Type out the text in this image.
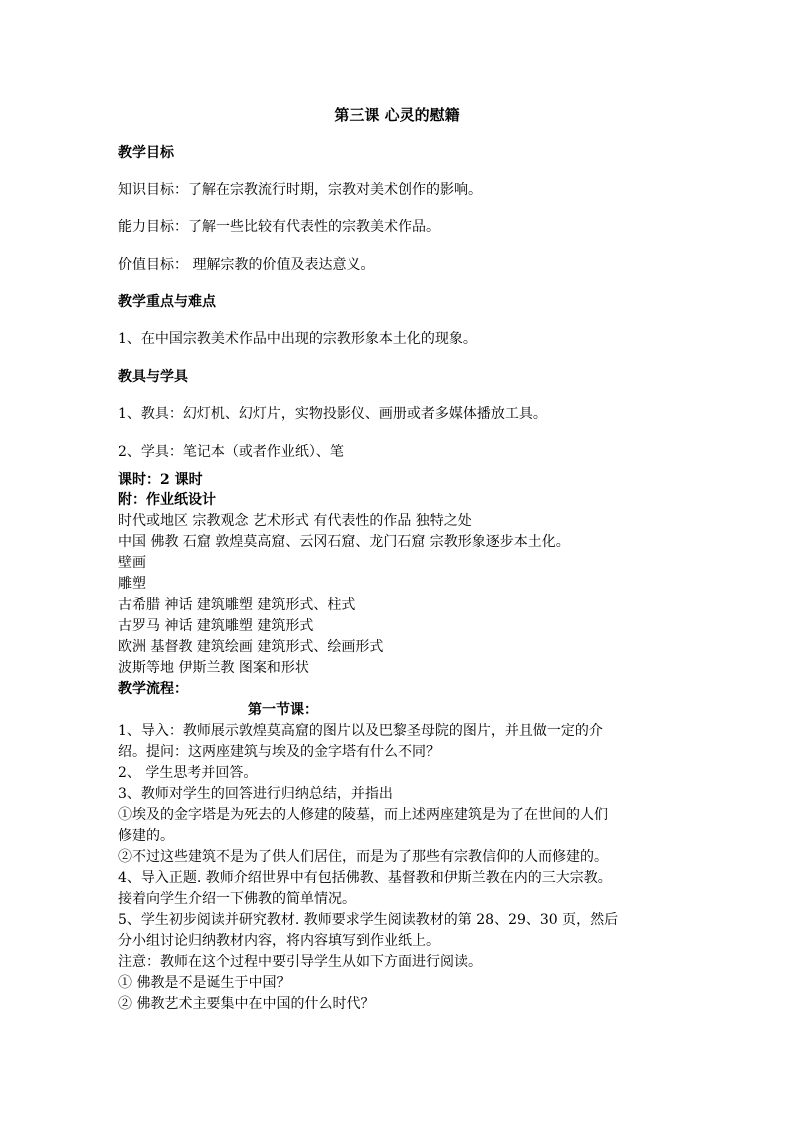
第三课 心灵的慰籍
教学目标
知识目标：了解在宗教流行时期，宗教对美术创作的影响。
能力目标：了解一些比较有代表性的宗教美术作品。
价值目标： 理解宗教的价值及表达意义。
教学重点与难点
1、在中国宗教美术作品中出现的宗教形象本土化的现象。
教具与学具
1、教具：幻灯机、幻灯片，实物投影仪、画册或者多媒体播放工具。
2、学具：笔记本（或者作业纸）、笔
课时：2 课时
附：作业纸设计
时代或地区 宗教观念 艺术形式 有代表性的作品 独特之处
中国 佛教 石窟 敦煌莫高窟、云冈石窟、龙门石窟 宗教形象逐步本土化。
壁画
雕塑
古希腊 神话 建筑雕塑 建筑形式、柱式
古罗马 神话 建筑雕塑 建筑形式
欧洲 基督教 建筑绘画 建筑形式、绘画形式
波斯等地 伊斯兰教 图案和形状
教学流程：
第一节课：
1、导入：教师展示敦煌莫高窟的图片以及巴黎圣母院的图片，并且做一定的介
绍。提问：这两座建筑与埃及的金字塔有什么不同？
2、 学生思考并回答。
3、教师对学生的回答进行归纳总结，并指出
①埃及的金字塔是为死去的人修建的陵墓，而上述两座建筑是为了在世间的人们
修建的。
②不过这些建筑不是为了供人们居住，而是为了那些有宗教信仰的人而修建的。
4、导入正题. 教师介绍世界中有包括佛教、基督教和伊斯兰教在内的三大宗教。
接着向学生介绍一下佛教的简单情况。
5、学生初步阅读并研究教材. 教师要求学生阅读教材的第 28、29、30 页，然后
分小组讨论归纳教材内容，将内容填写到作业纸上。
注意：教师在这个过程中要引导学生从如下方面进行阅读。
① 佛教是不是诞生于中国？
② 佛教艺术主要集中在中国的什么时代？
